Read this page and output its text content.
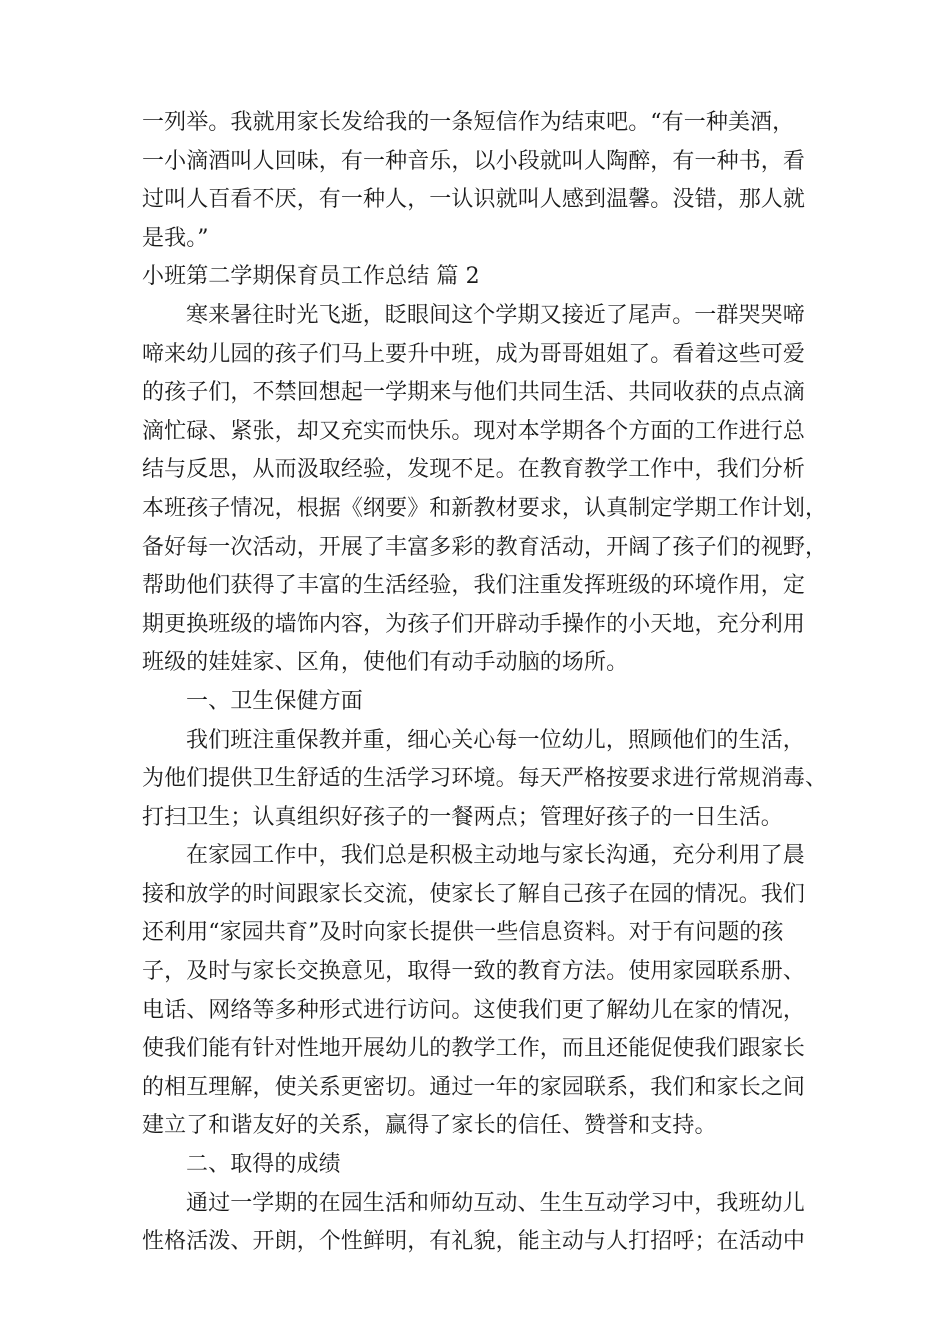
一列举。我就用家长发给我的一条短信作为结束吧。“有一种美酒，
一小滴酒叫人回味，有一种音乐，以小段就叫人陶醉，有一种书，看
过叫人百看不厌，有一种人，一认识就叫人感到温馨。没错，那人就
是我。”
小班第二学期保育员工作总结 篇 2
寒来暑往时光飞逝，眨眼间这个学期又接近了尾声。一群哭哭啼
啼来幼儿园的孩子们马上要升中班，成为哥哥姐姐了。看着这些可爱
的孩子们，不禁回想起一学期来与他们共同生活、共同收获的点点滴
滴忙碌、紧张，却又充实而快乐。现对本学期各个方面的工作进行总
结与反思，从而汲取经验，发现不足。在教育教学工作中，我们分析
本班孩子情况，根据《纲要》和新教材要求，认真制定学期工作计划，
备好每一次活动，开展了丰富多彩的教育活动，开阔了孩子们的视野，
帮助他们获得了丰富的生活经验，我们注重发挥班级的环境作用，定
期更换班级的墙饰内容，为孩子们开辟动手操作的小天地，充分利用
班级的娃娃家、区角，使他们有动手动脑的场所。
一、卫生保健方面
我们班注重保教并重，细心关心每一位幼儿，照顾他们的生活，
为他们提供卫生舒适的生活学习环境。每天严格按要求进行常规消毒、
打扫卫生；认真组织好孩子的一餐两点；管理好孩子的一日生活。
在家园工作中，我们总是积极主动地与家长沟通，充分利用了晨
接和放学的时间跟家长交流，使家长了解自己孩子在园的情况。我们
还利用“家园共育”及时向家长提供一些信息资料。对于有问题的孩
子，及时与家长交换意见，取得一致的教育方法。使用家园联系册、
电话、网络等多种形式进行访问。这使我们更了解幼儿在家的情况，
使我们能有针对性地开展幼儿的教学工作，而且还能促使我们跟家长
的相互理解，使关系更密切。通过一年的家园联系，我们和家长之间
建立了和谐友好的关系，赢得了家长的信任、赞誉和支持。
二、取得的成绩
通过一学期的在园生活和师幼互动、生生互动学习中，我班幼儿
性格活泼、开朗，个性鲜明，有礼貌，能主动与人打招呼；在活动中
